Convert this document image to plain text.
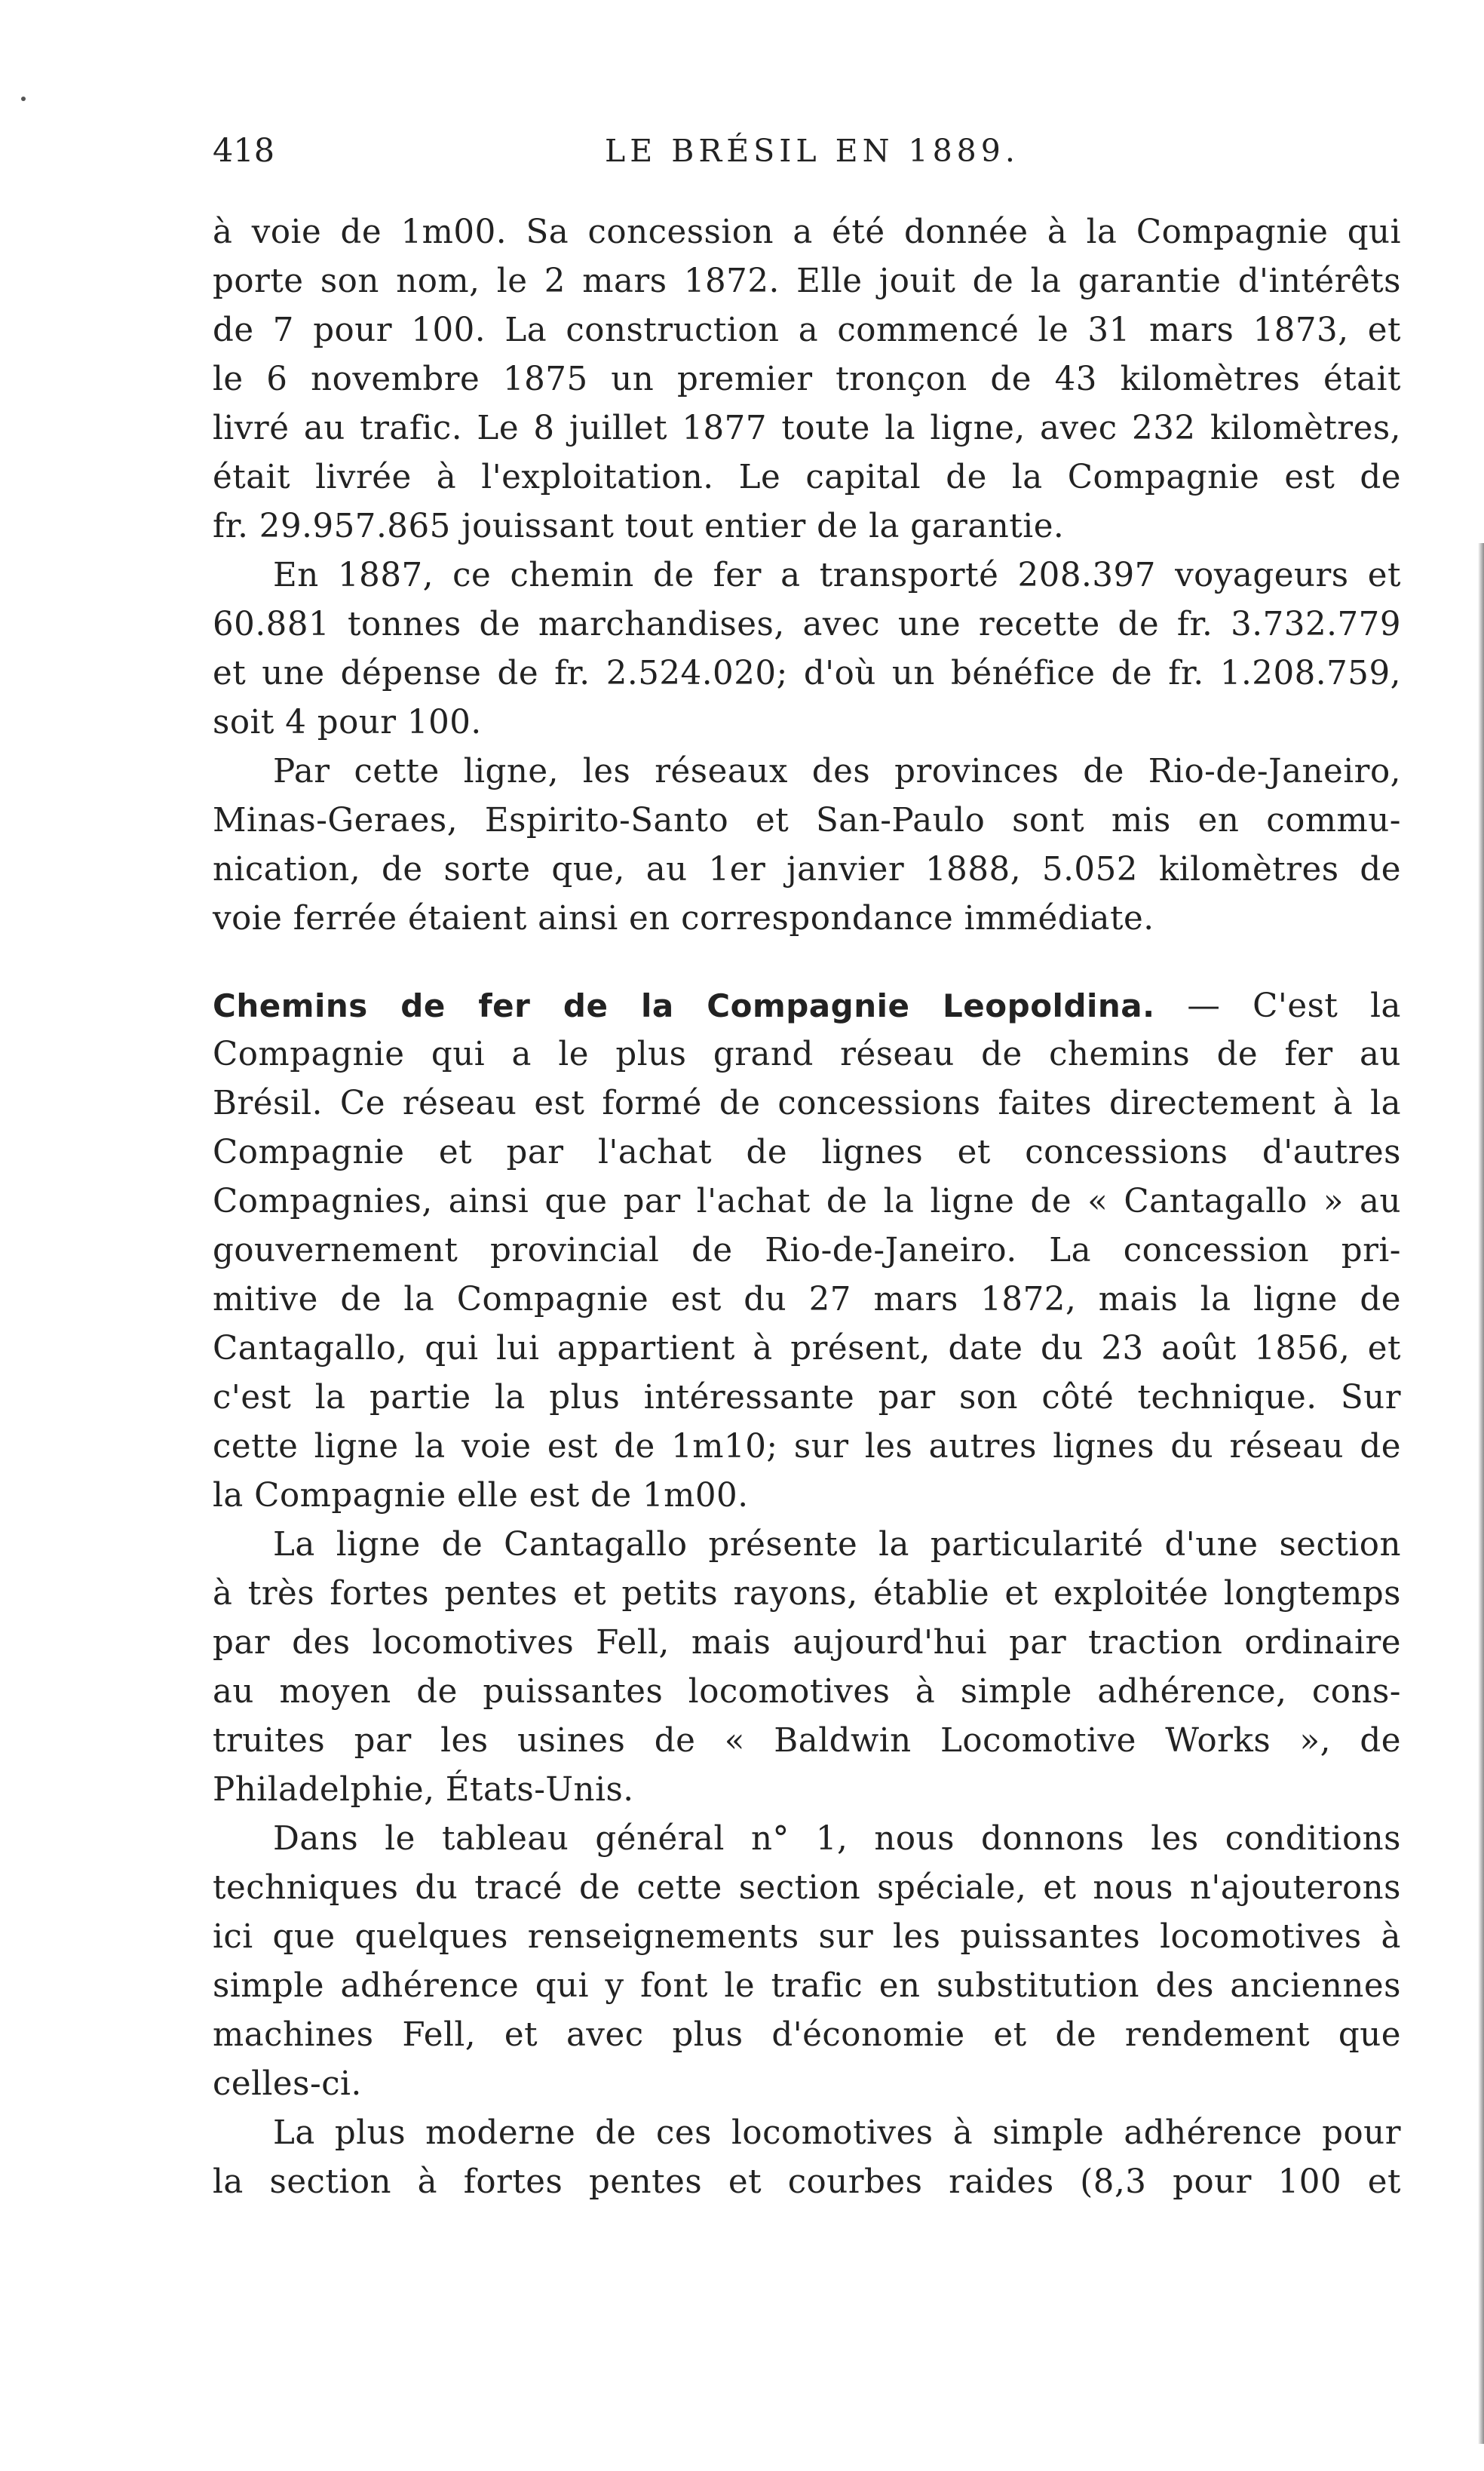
418	LE BRÉSIL EN 1889.
à voie de 1m00. Sa concession a été donnée à la Compagnie qui
porte son nom, le 2 mars 1872. Elle jouit de la garantie d'intérêts
de 7 pour 100. La construction a commencé le 31 mars 1873, et
le 6 novembre 1875 un premier tronçon de 43 kilomètres était
livré au trafic. Le 8 juillet 1877 toute la ligne, avec 232 kilomètres,
était livrée à l'exploitation. Le capital de la Compagnie est de
fr. 29.957.865 jouissant tout entier de la garantie.
En 1887, ce chemin de fer a transporté 208.397 voyageurs et
60.881 tonnes de marchandises, avec une recette de fr. 3.732.779
et une dépense de fr. 2.524.020; d'où un bénéfice de fr. 1.208.759,
soit 4 pour 100.
Par cette ligne, les réseaux des provinces de Rio-de-Janeiro,
Minas-Geraes, Espirito-Santo et San-Paulo sont mis en commu-
nication, de sorte que, au 1er janvier 1888, 5.052 kilomètres de
voie ferrée étaient ainsi en correspondance immédiate.
Chemins de fer de la Compagnie Leopoldina. — C'est la
Compagnie qui a le plus grand réseau de chemins de fer au
Brésil. Ce réseau est formé de concessions faites directement à la
Compagnie et par l'achat de lignes et concessions d'autres
Compagnies, ainsi que par l'achat de la ligne de « Cantagallo » au
gouvernement provincial de Rio-de-Janeiro. La concession pri-
mitive de la Compagnie est du 27 mars 1872, mais la ligne de
Cantagallo, qui lui appartient à présent, date du 23 août 1856, et
c'est la partie la plus intéressante par son côté technique. Sur
cette ligne la voie est de 1m10; sur les autres lignes du réseau de
la Compagnie elle est de 1m00.
La ligne de Cantagallo présente la particularité d'une section
à très fortes pentes et petits rayons, établie et exploitée longtemps
par des locomotives Fell, mais aujourd'hui par traction ordinaire
au moyen de puissantes locomotives à simple adhérence, cons-
truites par les usines de « Baldwin Locomotive Works », de
Philadelphie, États-Unis.
Dans le tableau général n° 1, nous donnons les conditions
techniques du tracé de cette section spéciale, et nous n'ajouterons
ici que quelques renseignements sur les puissantes locomotives à
simple adhérence qui y font le trafic en substitution des anciennes
machines Fell, et avec plus d'économie et de rendement que
celles-ci.
La plus moderne de ces locomotives à simple adhérence pour
la section à fortes pentes et courbes raides (8,3 pour 100 et
